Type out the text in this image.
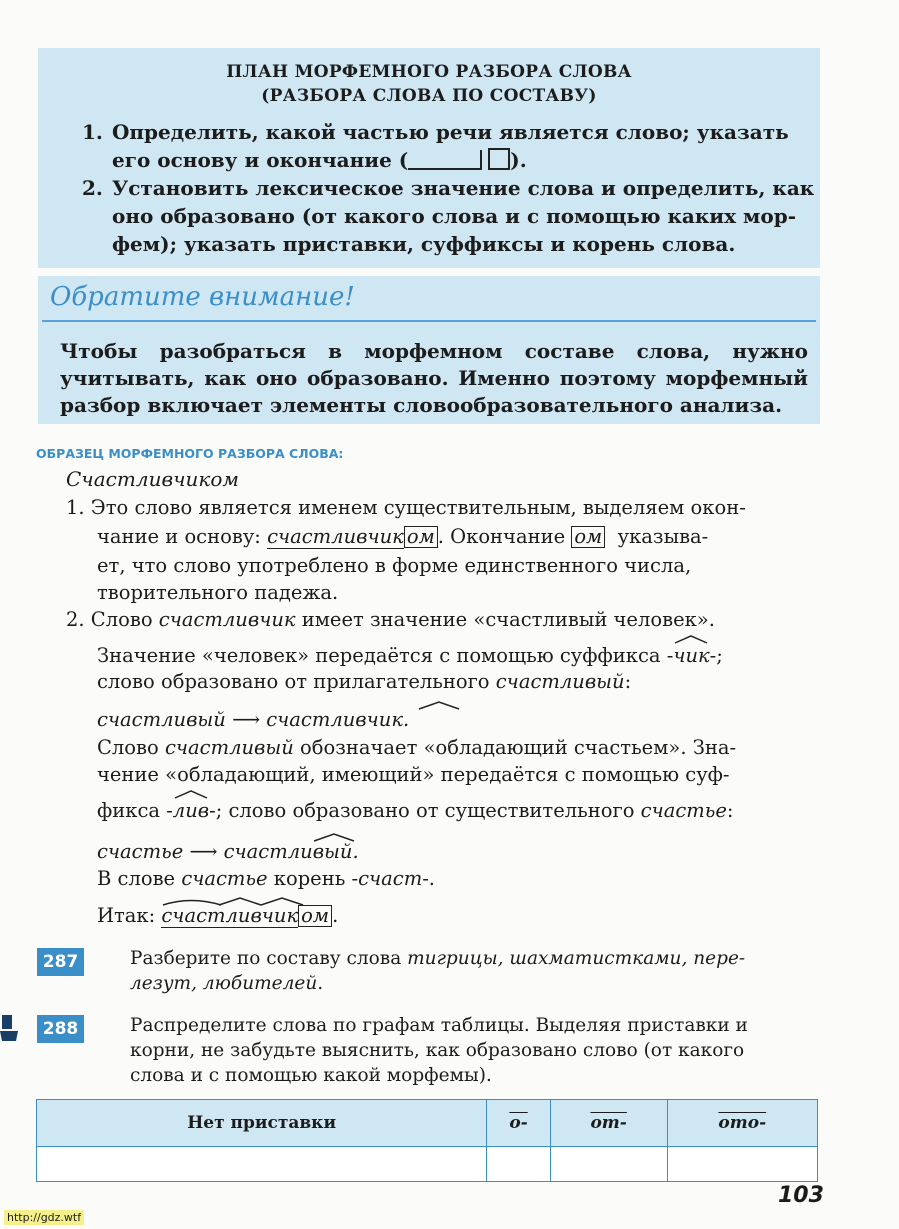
ПЛАН МОРФЕМНОГО РАЗБОРА СЛОВА
(РАЗБОРА СЛОВА ПО СОСТАВУ)
1. Определить, какой частью речи является слово; указать
его основу и окончание (	).
2. Установить лексическое значение слова и определить, как
оно образовано (от какого слова и с помощью каких мор-
фем); указать приставки, суффиксы и корень слова.
Обратите внимание!
Чтобы разобраться в морфемном составе слова, нужно учитывать, как оно образовано. Именно поэтому морфемный разбор включает элементы словообразовательного анализа.
ОБРАЗЕЦ МОРФЕМНОГО РАЗБОРА СЛОВА:
Счастливчиком
1. Это слово является именем существительным, выделяем окон-
чание и основу: счастливчик ом . Окончание ом указыва-
ет, что слово употреблено в форме единственного числа,
творительного падежа.
2. Слово счастливчик имеет значение «счастливый человек».
Значение «человек» передаётся с помощью суффикса -
чик-;
слово образовано от прилагательного счастливый:
счастливый ⟶ счастливчик.
Слово счастливый обозначает «обладающий счастьем». Зна-
чение «обладающий, имеющий» передаётся с помощью суф-
фикса -
лив-; слово образовано от существительного счастье:
счастье ⟶ счастливый.
В слове счастье корень -счаст-.
Итак: счастливчик ом .
287	Разберите по составу слова тигрицы, шахматистками, пере-
лезут, любителей.
288	Распределите слова по графам таблицы. Выделяя приставки и
корни, не забудьте выяснить, как образовано слово (от какого
слова и с помощью какой морфемы).
Нет приставки	о-	от-	ото-

103
http://gdz.wtf
